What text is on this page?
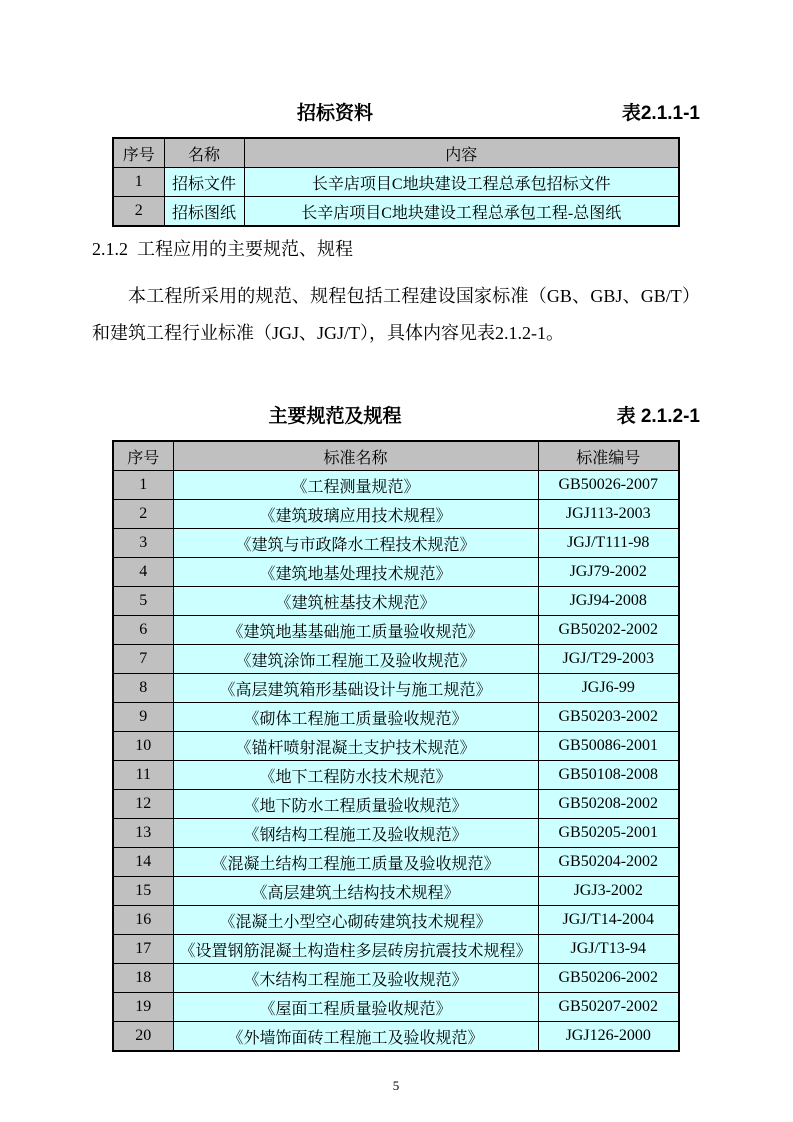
招标资料	表2.1.1-1
序号	名称	内容
1	招标文件	长辛店项目C地块建设工程总承包招标文件
2	招标图纸	长辛店项目C地块建设工程总承包工程-总图纸
2.1.2  工程应用的主要规范、规程
本工程所采用的规范、规程包括工程建设国家标准（GB、GBJ、GB/T）和建筑工程行业标准（JGJ、JGJ/T），具体内容见表2.1.2-1。
主要规范及规程	表 2.1.2-1
序号	标准名称	标准编号
1	《工程测量规范》	GB50026-2007
2	《建筑玻璃应用技术规程》	JGJ113-2003
3	《建筑与市政降水工程技术规范》	JGJ/T111-98
4	《建筑地基处理技术规范》	JGJ79-2002
5	《建筑桩基技术规范》	JGJ94-2008
6	《建筑地基基础施工质量验收规范》	GB50202-2002
7	《建筑涂饰工程施工及验收规范》	JGJ/T29-2003
8	《高层建筑箱形基础设计与施工规范》	JGJ6-99
9	《砌体工程施工质量验收规范》	GB50203-2002
10	《锚杆喷射混凝土支护技术规范》	GB50086-2001
11	《地下工程防水技术规范》	GB50108-2008
12	《地下防水工程质量验收规范》	GB50208-2002
13	《钢结构工程施工及验收规范》	GB50205-2001
14	《混凝土结构工程施工质量及验收规范》	GB50204-2002
15	《高层建筑土结构技术规程》	JGJ3-2002
16	《混凝土小型空心砌砖建筑技术规程》	JGJ/T14-2004
17	《设置钢筋混凝土构造柱多层砖房抗震技术规程》	JGJ/T13-94
18	《木结构工程施工及验收规范》	GB50206-2002
19	《屋面工程质量验收规范》	GB50207-2002
20	《外墙饰面砖工程施工及验收规范》	JGJ126-2000
5
